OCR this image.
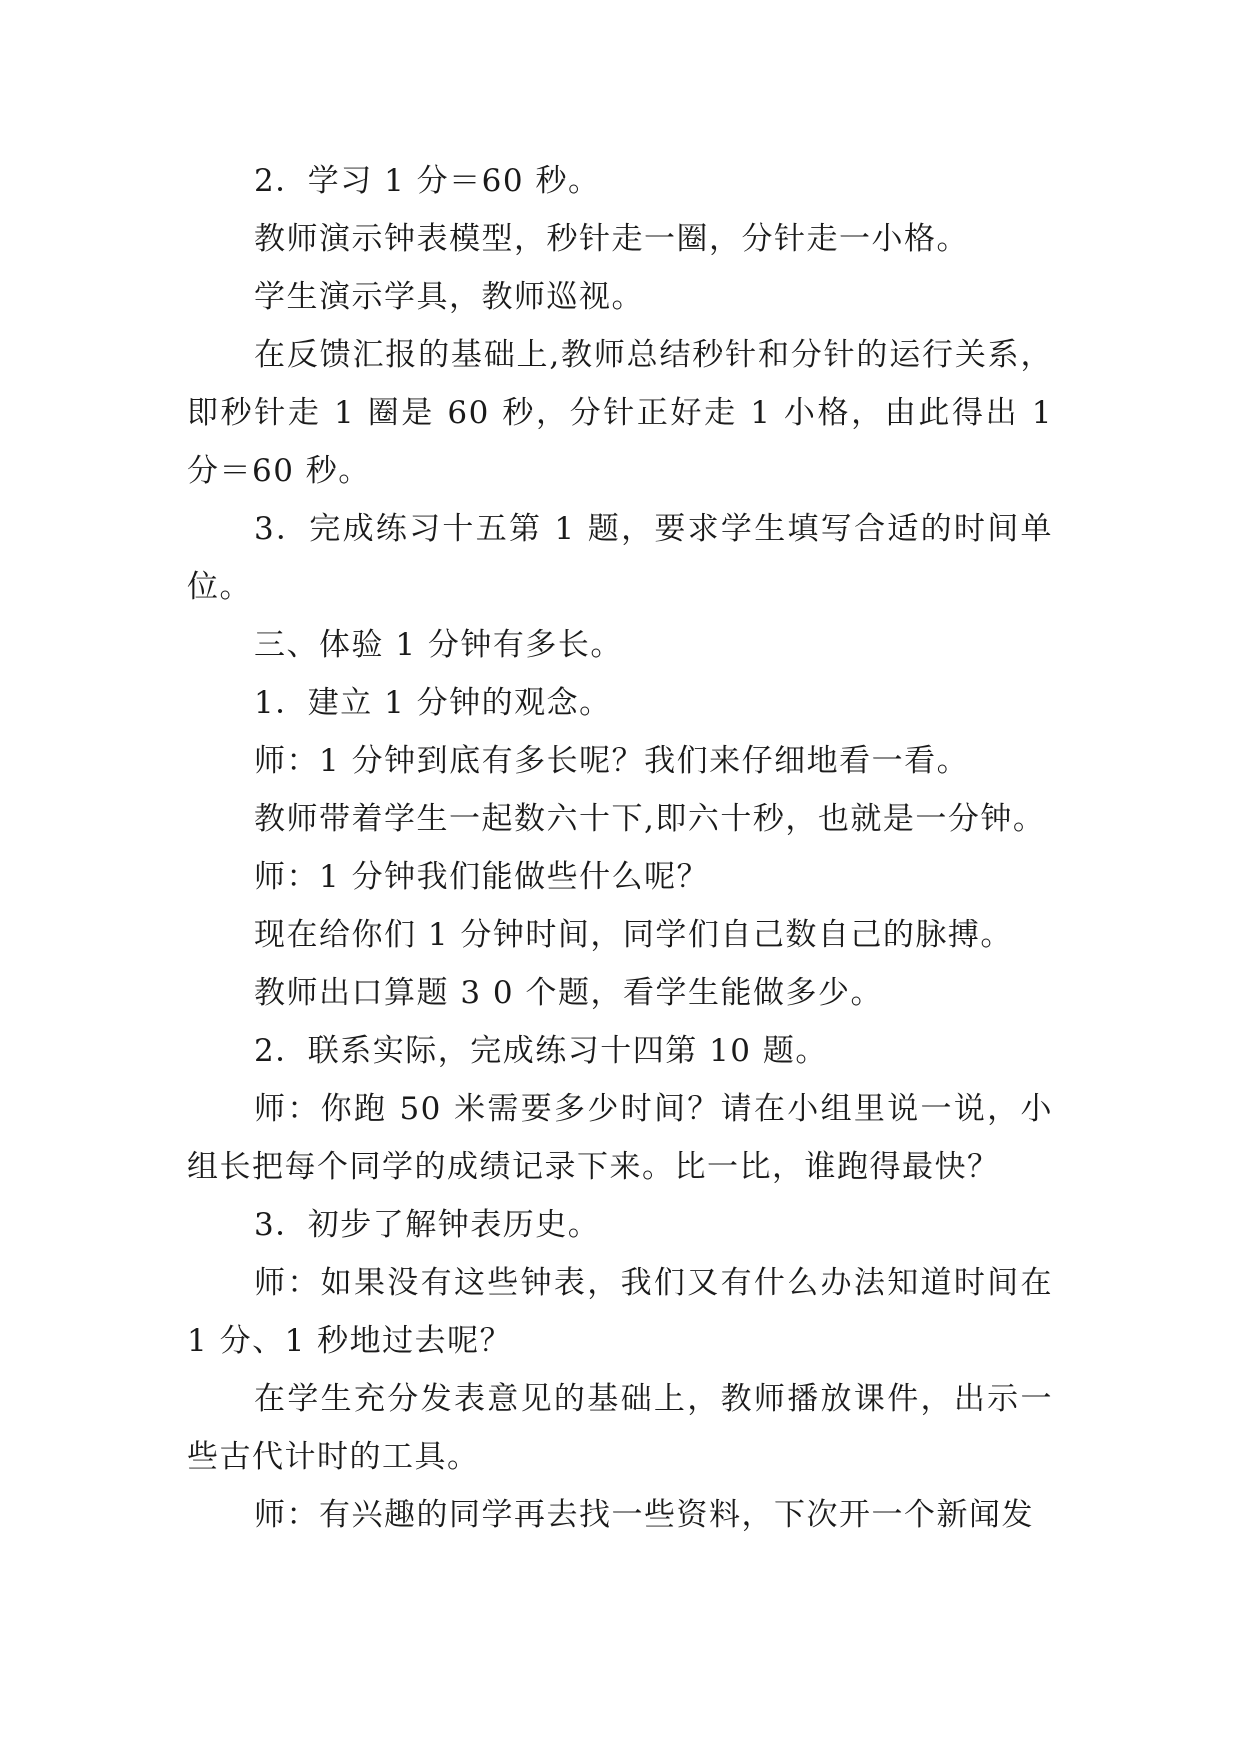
2．学习 1 分＝60 秒。

教师演示钟表模型，秒针走一圈，分针走一小格。

学生演示学具，教师巡视。

在反馈汇报的基础上,教师总结秒针和分针的运行关系，即秒针走 1 圈是 60 秒，分针正好走 1 小格，由此得出 1 分＝60 秒。

3．完成练习十五第 1 题，要求学生填写合适的时间单位。

三、体验 1 分钟有多长。

1．建立 1 分钟的观念。

师：1 分钟到底有多长呢？我们来仔细地看一看。

教师带着学生一起数六十下,即六十秒，也就是一分钟。

师：1 分钟我们能做些什么呢？

现在给你们 1 分钟时间，同学们自己数自己的脉搏。

教师出口算题 3 0 个题，看学生能做多少。

2．联系实际，完成练习十四第 10 题。

师：你跑 50 米需要多少时间？请在小组里说一说，小组长把每个同学的成绩记录下来。比一比，谁跑得最快？

3．初步了解钟表历史。

师：如果没有这些钟表，我们又有什么办法知道时间在 1 分、1 秒地过去呢？

在学生充分发表意见的基础上，教师播放课件，出示一些古代计时的工具。

师：有兴趣的同学再去找一些资料，下次开一个新闻发
